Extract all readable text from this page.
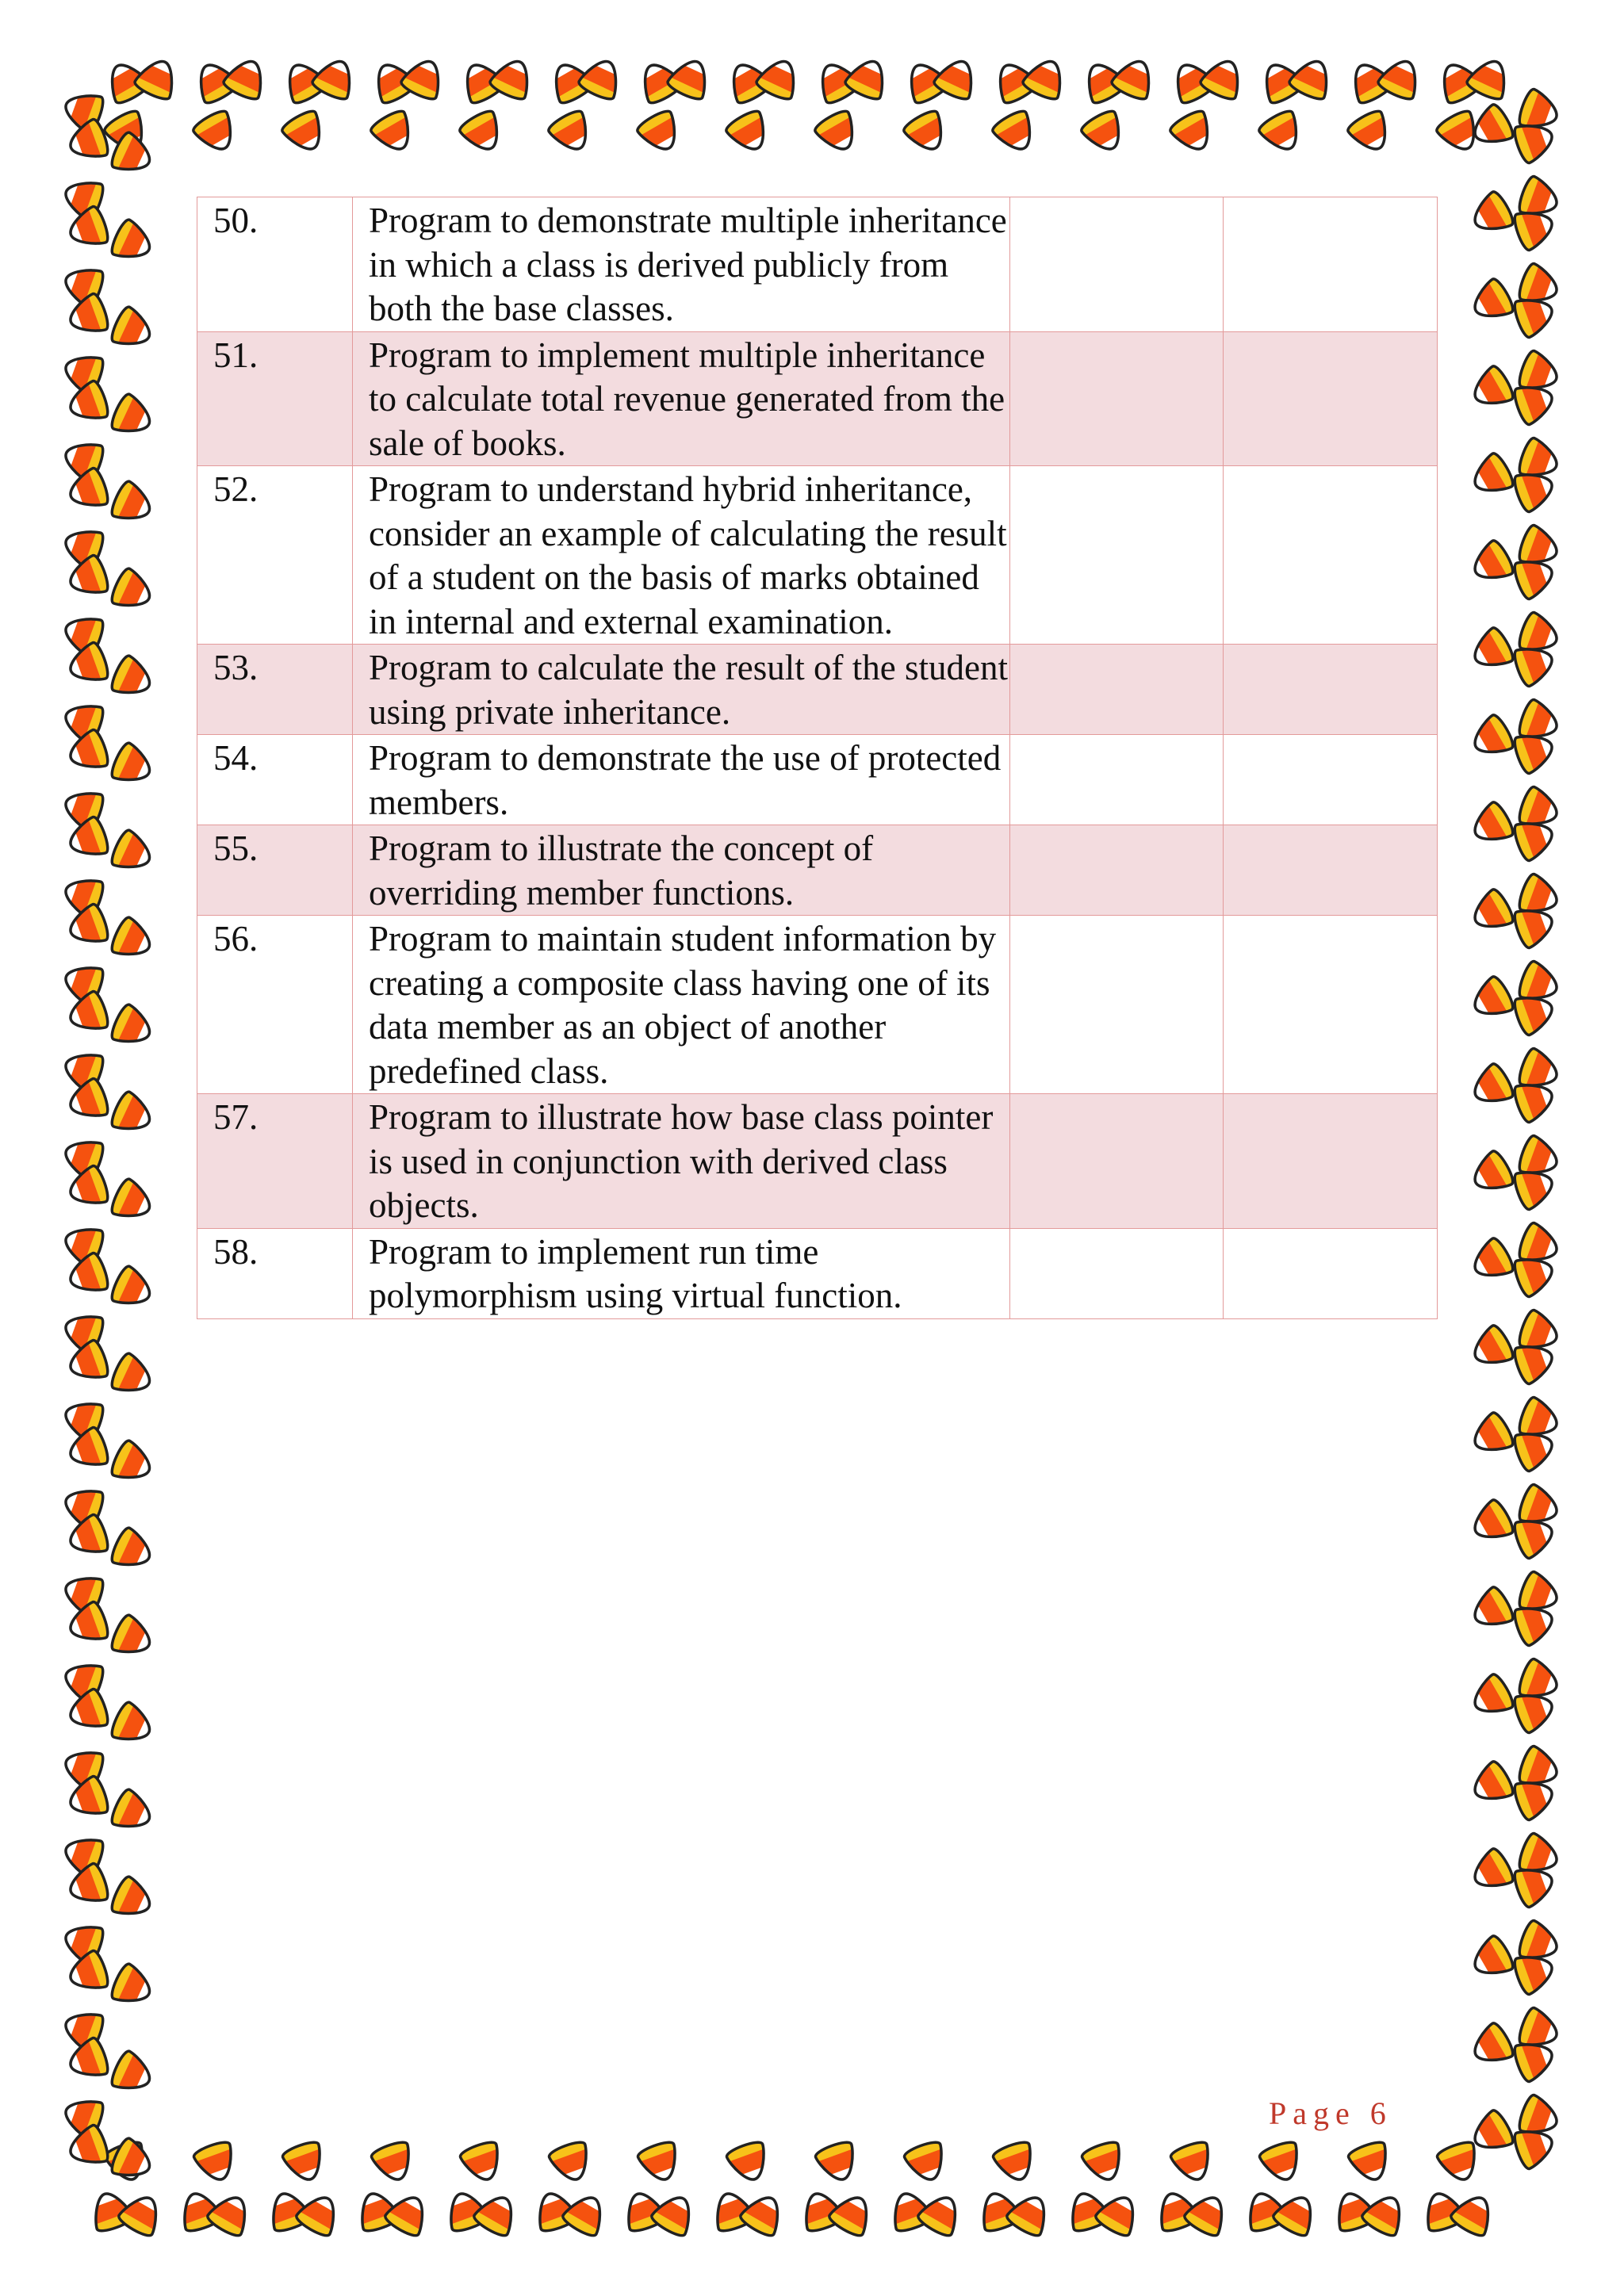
50.	Program to demonstrate multiple inheritance in which a class is derived publicly from both the base classes.		
51.	Program to implement multiple inheritance to calculate total revenue generated from the sale of books.		
52.	Program to understand hybrid inheritance, consider an example of calculating the result of a student on the basis of marks obtained in internal and external examination.		
53.	Program to calculate the result of the student using private inheritance.		
54.	Program to demonstrate the use of protected members.		
55.	Program to illustrate the concept of overriding member functions.		
56.	Program to maintain student information by creating a composite class having one of its data member as an object of another predefined class.		
57.	Program to illustrate how base class pointer is used in conjunction with derived class objects.		
58.	Program to implement run time polymorphism using virtual function.		
Page 6
